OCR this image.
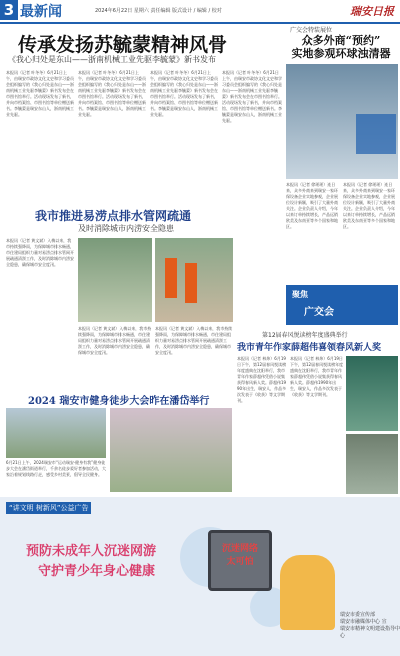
3 最新闻	2024年6月22日 星期六 责任编辑 版式设计 / 编辑 / 校对	瑞安日报
传承发扬苏毓蒙精神风骨
《我心归处是东山——浙南机械工业先驱李毓蒙》新书发布
本报讯（记者 叶冬冬）6月21日上午，由瑞安市政协文化文史和学习委员会组织编写的《我心归处是东山——浙南机械工业先驱李毓蒙》新书发布会在市图书馆举行。活动现场发布了新书，并向市档案馆、市图书馆等单位赠送新书。李毓蒙是瑞安东山人，浙南机械工业先驱。
本报讯（记者 叶冬冬）6月21日上午，由瑞安市政协文化文史和学习委员会组织编写的《我心归处是东山——浙南机械工业先驱李毓蒙》新书发布会在市图书馆举行。活动现场发布了新书，并向市档案馆、市图书馆等单位赠送新书。李毓蒙是瑞安东山人，浙南机械工业先驱。
本报讯（记者 叶冬冬）6月21日上午，由瑞安市政协文化文史和学习委员会组织编写的《我心归处是东山——浙南机械工业先驱李毓蒙》新书发布会在市图书馆举行。活动现场发布了新书，并向市档案馆、市图书馆等单位赠送新书。李毓蒙是瑞安东山人，浙南机械工业先驱。
本报讯（记者 叶冬冬）6月21日上午，由瑞安市政协文化文史和学习委员会组织编写的《我心归处是东山——浙南机械工业先驱李毓蒙》新书发布会在市图书馆举行。活动现场发布了新书，并向市档案馆、市图书馆等单位赠送新书。李毓蒙是瑞安东山人，浙南机械工业先驱。
广交会特装展位
众多外商“预约”
实地参观环球浊清器
本报讯（记者 徐瑶瑶）连日来，众多外商来到瑞安一家环保设备企业实地参观，企业展位设计新颖，吸引了大量外商关注。企业负责人介绍，今年以来订单持续增长，产品远销欧美及东南亚等多个国家和地区。
本报讯（记者 徐瑶瑶）连日来，众多外商来到瑞安一家环保设备企业实地参观，企业展位设计新颖，吸引了大量外商关注。企业负责人介绍，今年以来订单持续增长，产品远销欧美及东南亚等多个国家和地区。
我市推进易涝点排水管网疏通
及时消除城市内涝安全隐患
本报讯（记者 黄文斌）入梅以来，我市持续强降雨，为保障城市排水畅通，市住建局组织力量对易涝点排水管网开展疏通清淤工作，及时消除城市内涝安全隐患，确保城市安全度汛。
本报讯（记者 黄文斌）入梅以来，我市持续强降雨，为保障城市排水畅通，市住建局组织力量对易涝点排水管网开展疏通清淤工作，及时消除城市内涝安全隐患，确保城市安全度汛。
本报讯（记者 黄文斌）入梅以来，我市持续强降雨，为保障城市排水畅通，市住建局组织力量对易涝点排水管网开展疏通清淤工作，及时消除城市内涝安全隐患，确保城市安全度汛。
聚焦
广交会
第12届春风悦读榜年度盛典举行
我市青年作家薛超伟喜领春风新人奖
本报讯（记者 林炜）6月19日下午，第12届春风悦读榜年度盛典在沈阳举行，我市青年作家薛超伟凭借小说集获得春风新人奖。薛超伟1990年出生，瑞安人，作品多次发表于《收获》等文学期刊。
本报讯（记者 林炜）6月19日下午，第12届春风悦读榜年度盛典在沈阳举行，我市青年作家薛超伟凭借小说集获得春风新人奖。薛超伟1990年出生，瑞安人，作品多次发表于《收获》等文学期刊。
2024 瑞安市健身徒步大会昨在潘岱举行
6月21日上午，2024瑞安市“运动瑞安·健身有我”健身徒步大会在潘岱街道举行，千余名徒步爱好者参加活动，大家沿着规划线路行走，感受乡村美景，倡导全民健身。
“讲文明 树新风”公益广告
预防未成年人沉迷网游
守护青少年身心健康
沉迷网络
太可怕
瑞安市委宣传部
瑞安市融媒体中心 宣
瑞安市精神文明建设指导中心
